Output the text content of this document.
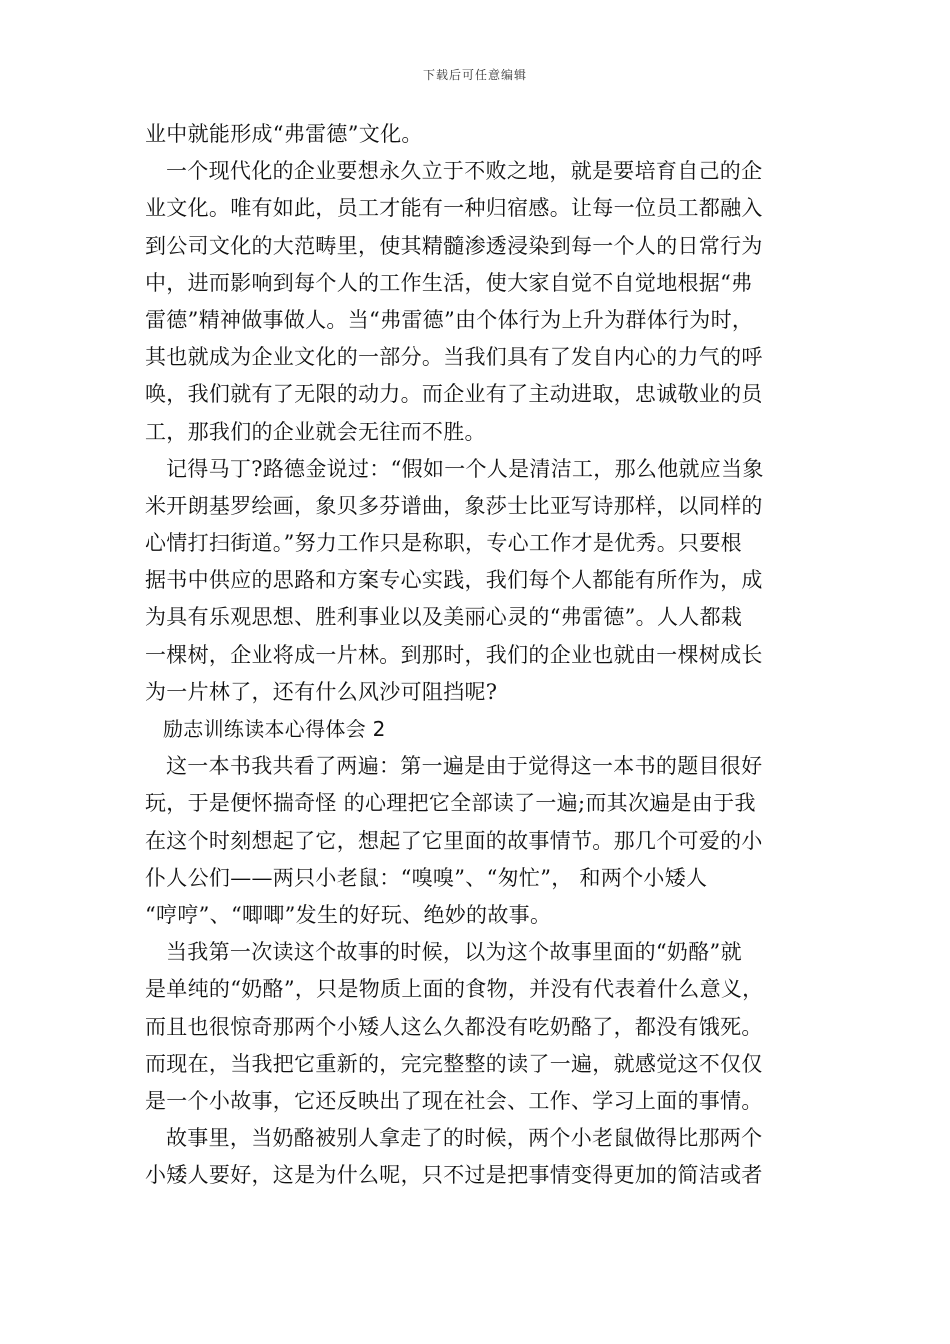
下载后可任意编辑
业中就能形成“弗雷德”文化。
一个现代化的企业要想永久立于不败之地，就是要培育自己的企
业文化。唯有如此，员工才能有一种归宿感。让每一位员工都融入
到公司文化的大范畴里，使其精髓渗透浸染到每一个人的日常行为
中，进而影响到每个人的工作生活，使大家自觉不自觉地根据“弗
雷德”精神做事做人。当“弗雷德”由个体行为上升为群体行为时，
其也就成为企业文化的一部分。当我们具有了发自内心的力气的呼
唤，我们就有了无限的动力。而企业有了主动进取，忠诚敬业的员
工，那我们的企业就会无往而不胜。
记得马丁?路德金说过：“假如一个人是清洁工，那么他就应当象
米开朗基罗绘画，象贝多芬谱曲，象莎士比亚写诗那样，以同样的
心情打扫街道。”努力工作只是称职，专心工作才是优秀。只要根
据书中供应的思路和方案专心实践，我们每个人都能有所作为，成
为具有乐观思想、胜利事业以及美丽心灵的“弗雷德”。人人都栽
一棵树，企业将成一片林。到那时，我们的企业也就由一棵树成长
为一片林了，还有什么风沙可阻挡呢?
励志训练读本心得体会 2
这一本书我共看了两遍：第一遍是由于觉得这一本书的题目很好
玩，于是便怀揣奇怪 的心理把它全部读了一遍;而其次遍是由于我
在这个时刻想起了它，想起了它里面的故事情节。那几个可爱的小
仆人公们——两只小老鼠：“嗅嗅”、“匆忙”， 和两个小矮人
“哼哼”、“唧唧”发生的好玩、绝妙的故事。
当我第一次读这个故事的时候，以为这个故事里面的“奶酪”就
是单纯的“奶酪”，只是物质上面的食物，并没有代表着什么意义，
而且也很惊奇那两个小矮人这么久都没有吃奶酪了，都没有饿死。
而现在，当我把它重新的，完完整整的读了一遍，就感觉这不仅仅
是一个小故事，它还反映出了现在社会、工作、学习上面的事情。
故事里，当奶酪被别人拿走了的时候，两个小老鼠做得比那两个
小矮人要好，这是为什么呢，只不过是把事情变得更加的简洁或者
